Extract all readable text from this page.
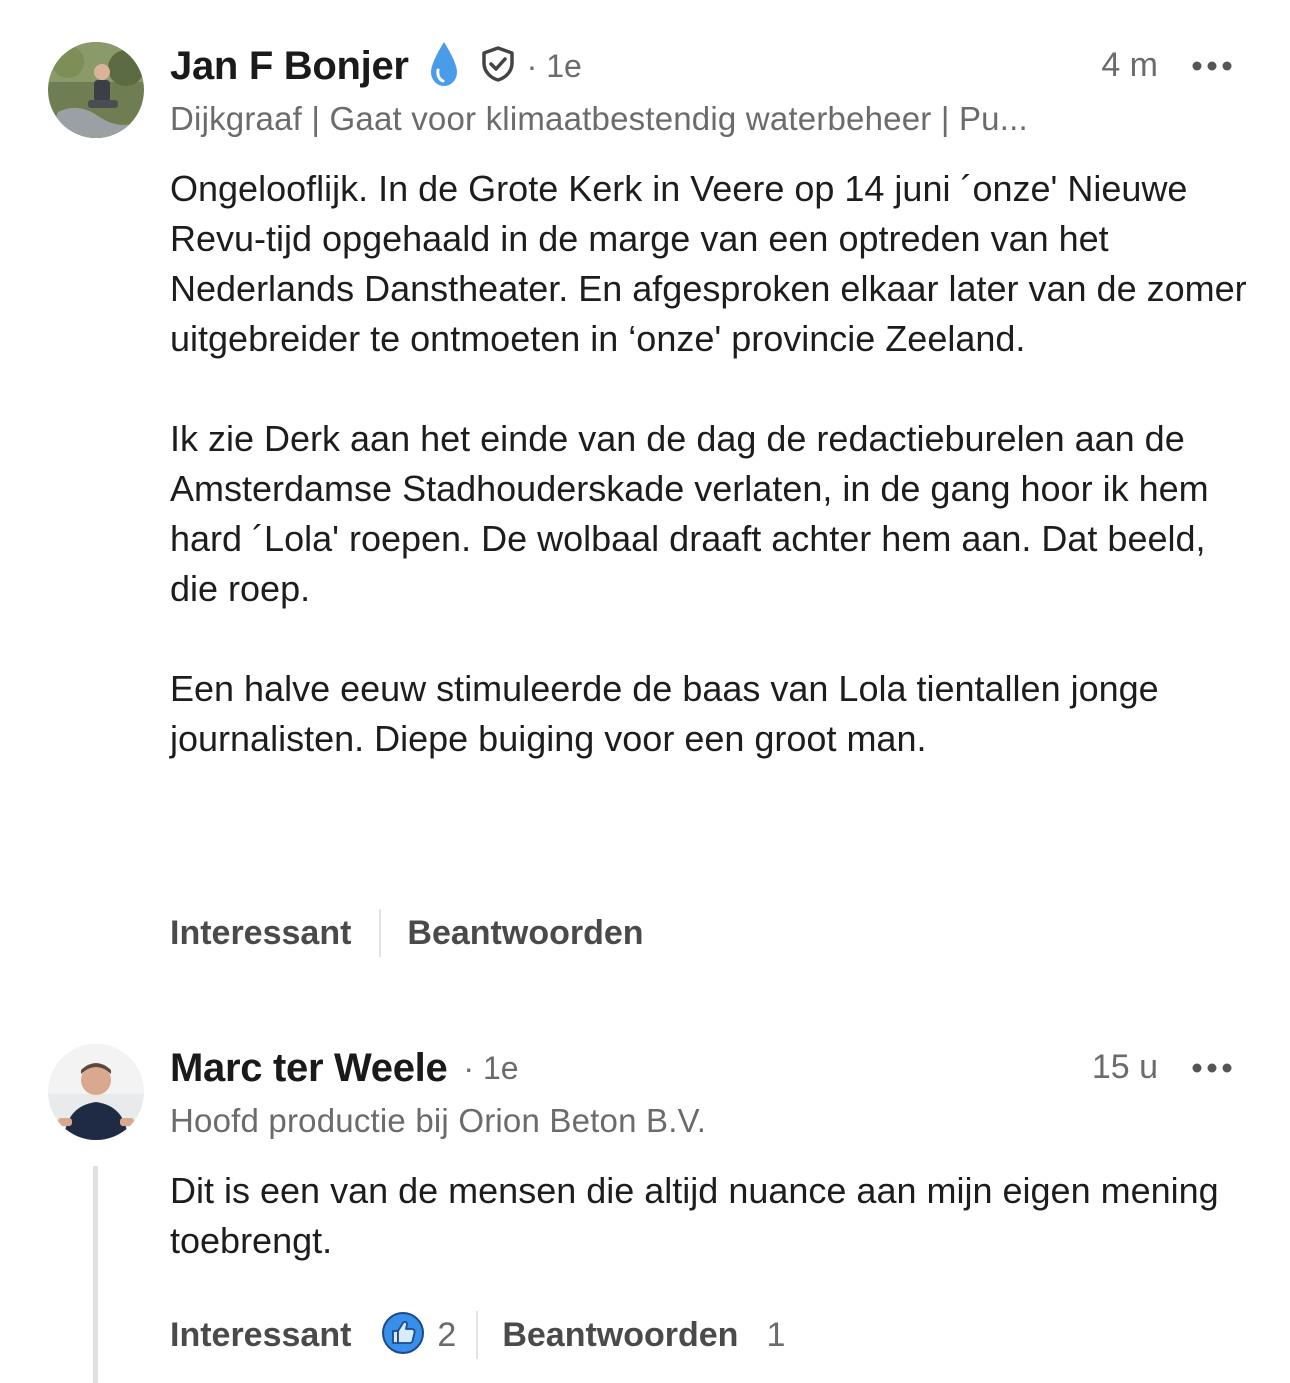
Jan F Bonjer	· 1e	4 m
Dijkgraaf | Gaat voor klimaatbestendig waterbeheer | Pu...

Ongelooflijk. In de Grote Kerk in Veere op 14 juni ´onze' Nieuwe Revu-tijd opgehaald in de marge van een optreden van het Nederlands Danstheater. En afgesproken elkaar later van de zomer uitgebreider te ontmoeten in ‘onze' provincie Zeeland.

Ik zie Derk aan het einde van de dag de redactieburelen aan de Amsterdamse Stadhouderskade verlaten, in de gang hoor ik hem hard ´Lola' roepen. De wolbaal draaft achter hem aan. Dat beeld, die roep.

Een halve eeuw stimuleerde de baas van Lola tientallen jonge journalisten. Diepe buiging voor een groot man.

Interessant Beantwoorden
Marc ter Weele · 1e	15 u
Hoofd productie bij Orion Beton B.V.

Dit is een van de mensen die altijd nuance aan mijn eigen mening toebrengt.

Interessant	2 Beantwoorden 1
